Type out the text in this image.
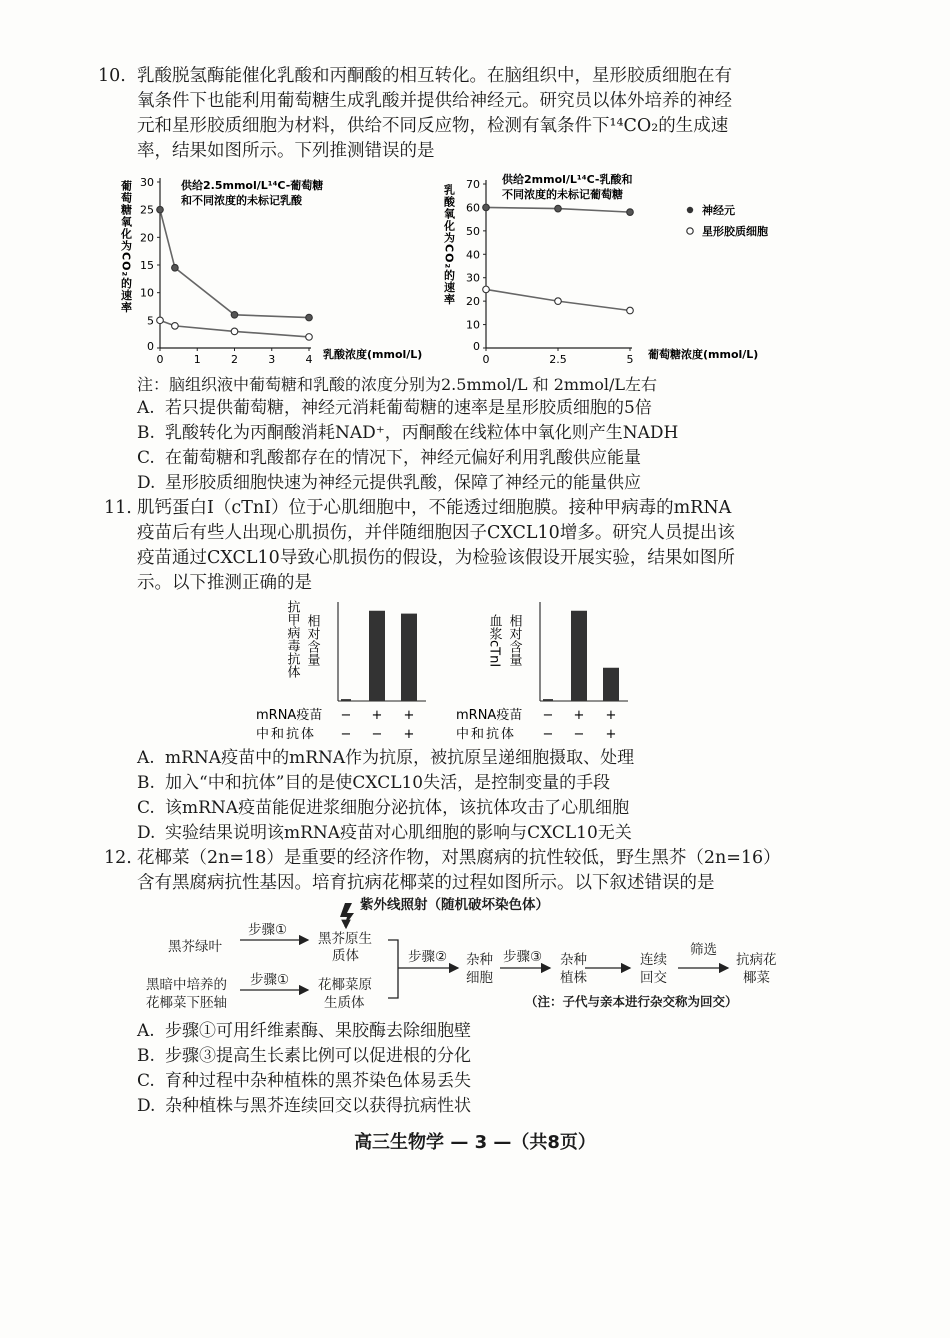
10. 乳酸脱氢酶能催化乳酸和丙酮酸的相互转化。在脑组织中，星形胶质细胞在有
氧条件下也能利用葡萄糖生成乳酸并提供给神经元。研究员以体外培养的神经
元和星形胶质细胞为材料，供给不同反应物，检测有氧条件下¹⁴CO₂的生成速
率，结果如图所示。下列推测错误的是
供给2.5mmol/L¹⁴C-葡萄糖
和不同浓度的未标记乳酸
葡萄糖氧化为CO₂的速率
0
5
10
15
20
25
30
0	1	2	3	4 乳酸浓度(mmol/L)
供给2mmol/L¹⁴C-乳酸和
不同浓度的未标记葡萄糖
乳酸氧化为CO₂的速率
0
10
20
30
40
50
60
70
0	2.5	5
神经元
星形胶质细胞
葡萄糖浓度(mmol/L)
注：脑组织液中葡萄糖和乳酸的浓度分别为2.5mmol/L 和 2mmol/L左右
A. 若只提供葡萄糖，神经元消耗葡萄糖的速率是星形胶质细胞的5倍
B. 乳酸转化为丙酮酸消耗NAD⁺，丙酮酸在线粒体中氧化则产生NADH
C. 在葡萄糖和乳酸都存在的情况下，神经元偏好利用乳酸供应能量
D. 星形胶质细胞快速为神经元提供乳酸，保障了神经元的能量供应
11. 肌钙蛋白I（cTnI）位于心肌细胞中，不能透过细胞膜。接种甲病毒的mRNA
疫苗后有些人出现心肌损伤，并伴随细胞因子CXCL10增多。研究人员提出该
疫苗通过CXCL10导致心肌损伤的假设，为检验该假设开展实验，结果如图所
示。以下推测正确的是
抗甲病毒抗体 相对含量
mRNA疫苗
中和抗体
− + +
− − +
血浆cTnI 相对含量
mRNA疫苗
中和抗体
− + +
− − +
A. mRNA疫苗中的mRNA作为抗原，被抗原呈递细胞摄取、处理
B. 加入“中和抗体”目的是使CXCL10失活，是控制变量的手段
C. 该mRNA疫苗能促进浆细胞分泌抗体，该抗体攻击了心肌细胞
D. 实验结果说明该mRNA疫苗对心肌细胞的影响与CXCL10无关
12. 花椰菜（2n=18）是重要的经济作物，对黑腐病的抗性较低，野生黑芥（2n=16）
含有黑腐病抗性基因。培育抗病花椰菜的过程如图所示。以下叙述错误的是
紫外线照射（随机破坏染色体）
黑芥绿叶
黑暗中培养的
花椰菜下胚轴
步骤①
步骤①
黑芥原生
质体
花椰菜原
生质体
步骤② 杂种
细胞
步骤③ 杂种
植株
连续
回交
筛选
抗病花
椰菜
（注：子代与亲本进行杂交称为回交）
A. 步骤①可用纤维素酶、果胶酶去除细胞壁
B. 步骤③提高生长素比例可以促进根的分化
C. 育种过程中杂种植株的黑芥染色体易丢失
D. 杂种植株与黑芥连续回交以获得抗病性状
高三生物学 — 3 —（共8页）
